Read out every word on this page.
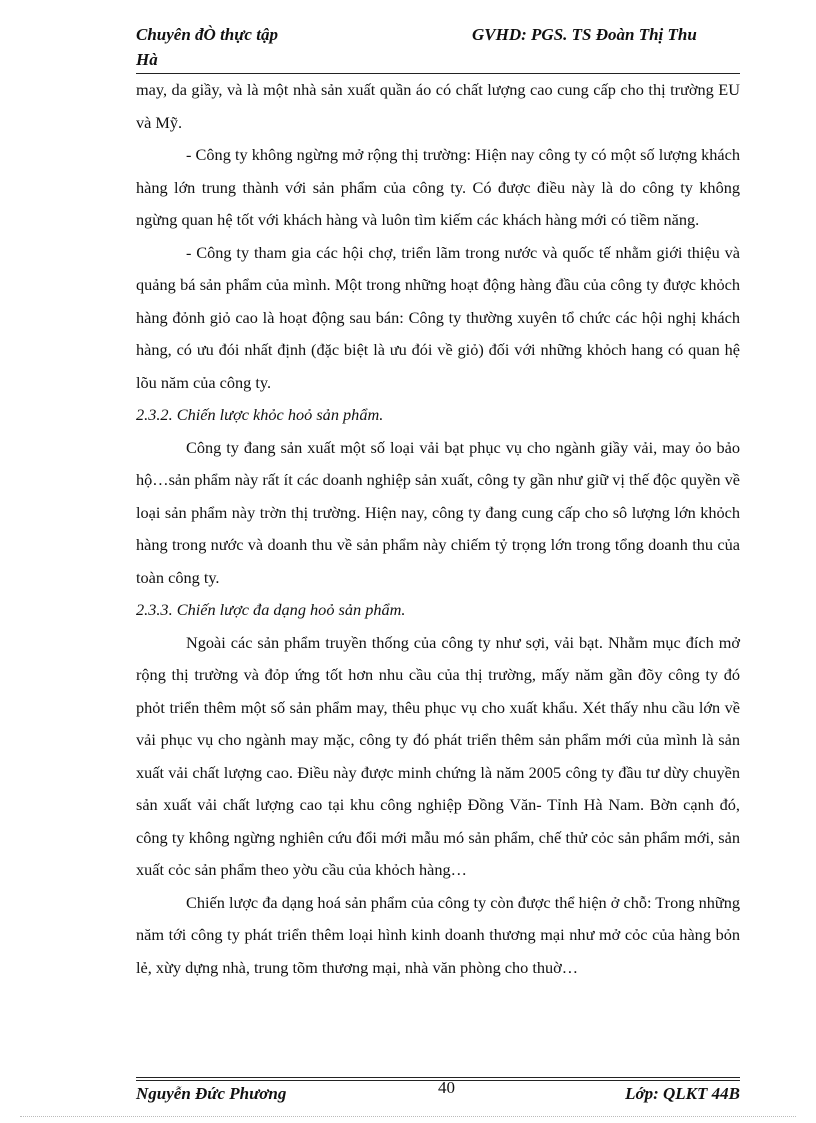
Chuyên đÒ thực tập Hà
GVHD: PGS. TS Đoàn Thị Thu

may, da giầy, và là một nhà sản xuất quần áo có chất lượng cao cung cấp cho thị trường EU và Mỹ.

- Công ty không ngừng mở rộng thị trường: Hiện nay công ty có một số lượng khách hàng lớn trung thành với sản phẩm của công ty. Có được điều này là do công ty không ngừng quan hệ tốt với khách hàng và luôn tìm kiếm các khách hàng mới có tiềm năng.

- Công ty tham gia các hội chợ, triển lãm trong nước và quốc tế nhằm giới thiệu và quảng bá sản phẩm của mình. Một trong những hoạt động hàng đầu của công ty được khỏch hàng đỏnh giỏ cao là hoạt động sau bán: Công ty thường xuyên tổ chức các hội nghị khách hàng, có ưu đói nhất định (đặc biệt là ưu đói về giỏ) đối với những khỏch hang có quan hệ lõu năm của công ty.

2.3.2. Chiến lược khỏc hoỏ sản phẩm.

Công ty đang sản xuất một số loại vải bạt phục vụ cho ngành giầy vải, may ỏo bảo hộ…sản phẩm này rất ít các doanh nghiệp sản xuất, công ty gần như giữ vị thế độc quyền về loại sản phẩm này trờn thị trường. Hiện nay, công ty đang cung cấp cho sô lượng lớn khỏch hàng trong nước và doanh thu về sản phẩm này chiếm tỷ trọng lớn trong tổng doanh thu của toàn công ty.

2.3.3. Chiến lược đa dạng hoỏ sản phẩm.

Ngoài các sản phẩm truyền thống của công ty như sợi, vải bạt. Nhằm mục đích mở rộng thị trường và đỏp ứng tốt hơn nhu cầu của thị trường, mấy năm gần đõy công ty đó phỏt triển thêm một số sản phẩm may, thêu phục vụ cho xuất khẩu. Xét thấy nhu cầu lớn về vải phục vụ cho ngành may mặc, công ty đó phát triển thêm sản phẩm mới của mình là sản xuất vải chất lượng cao. Điều này được minh chứng là năm 2005 công ty đầu tư dừy chuyền sản xuất vải chất lượng cao tại khu công nghiệp Đồng Văn- Tỉnh Hà Nam. Bờn cạnh đó, công ty không ngừng nghiên cứu đổi mới mẫu mó sản phẩm, chế thử cỏc sản phẩm mới, sản xuất cỏc sản phẩm theo yờu cầu của khỏch hàng…

Chiến lược đa dạng hoá sản phẩm của công ty còn được thể hiện ở chỗ: Trong những năm tới công ty phát triển thêm loại hình kinh doanh thương mại như mở cỏc của hàng bỏn lẻ, xừy dựng nhà, trung tõm thương mại, nhà văn phòng cho thuờ…

Nguyễn Đức Phương	40	Lớp: QLKT 44B
